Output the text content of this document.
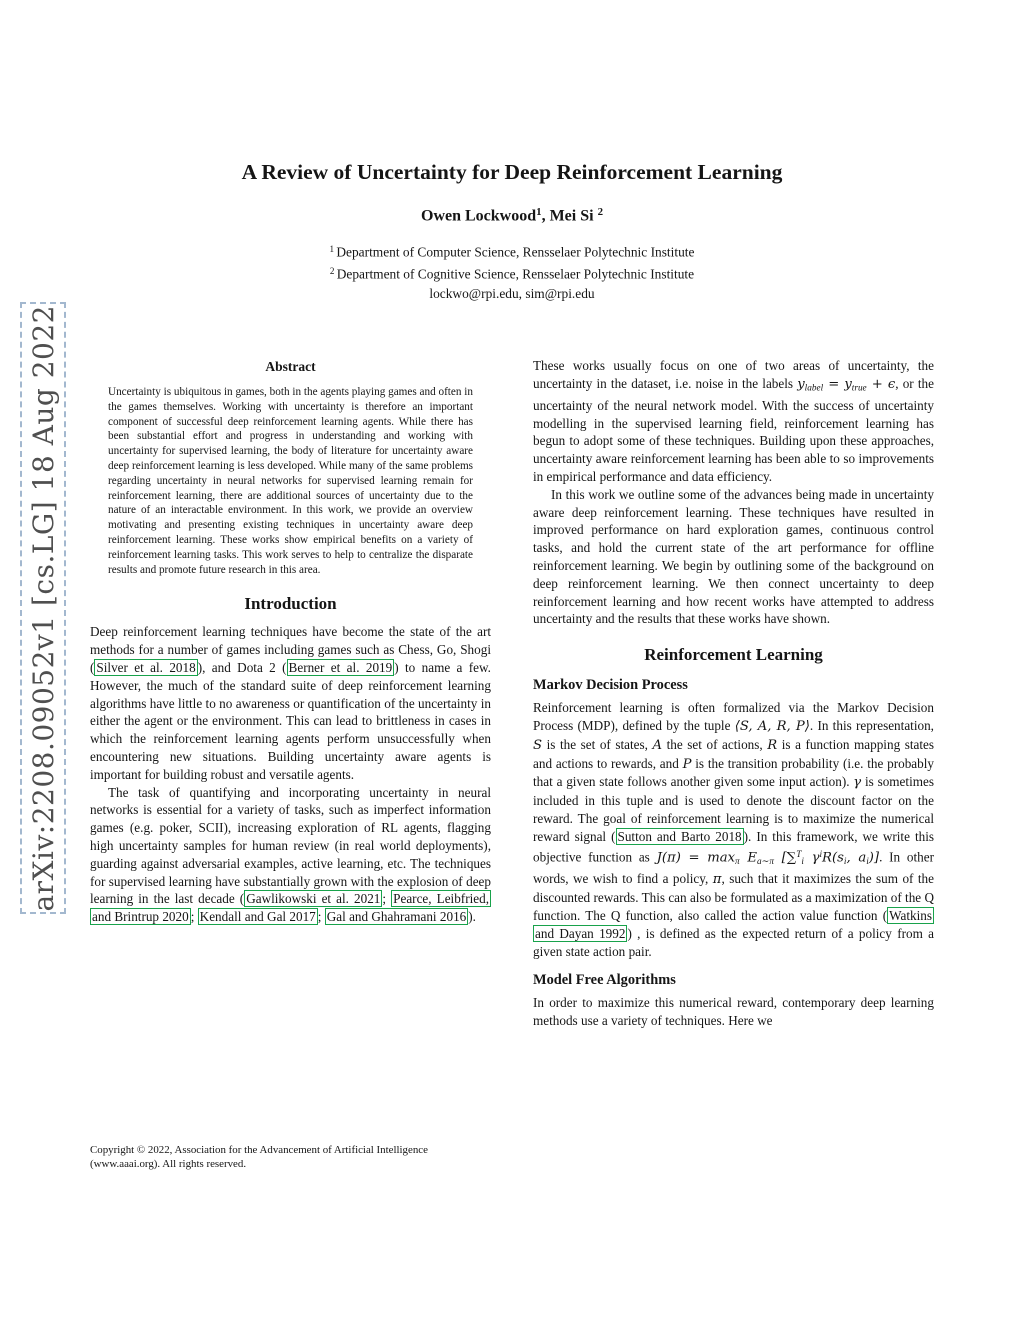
arXiv:2208.09052v1 [cs.LG] 18 Aug 2022
A Review of Uncertainty for Deep Reinforcement Learning
Owen Lockwood$^1$, Mei Si $^2$
$^1$ Department of Computer Science, Rensselaer Polytechnic Institute
$^2$ Department of Cognitive Science, Rensselaer Polytechnic Institute
lockwo@rpi.edu, sim@rpi.edu
Abstract
Uncertainty is ubiquitous in games, both in the agents playing games and often in the games themselves. Working with uncertainty is therefore an important component of successful deep reinforcement learning agents. While there has been substantial effort and progress in understanding and working with uncertainty for supervised learning, the body of literature for uncertainty aware deep reinforcement learning is less developed. While many of the same problems regarding uncertainty in neural networks for supervised learning remain for reinforcement learning, there are additional sources of uncertainty due to the nature of an interactable environment. In this work, we provide an overview motivating and presenting existing techniques in uncertainty aware deep reinforcement learning. These works show empirical benefits on a variety of reinforcement learning tasks. This work serves to help to centralize the disparate results and promote future research in this area.
Introduction

Deep reinforcement learning techniques have become the state of the art methods for a number of games including games such as Chess, Go, Shogi ( Silver et al. 2018 ), and Dota 2 ( Berner et al. 2019 ) to name a few. However, the much of the standard suite of deep reinforcement learning algorithms have little to no awareness or quantification of the uncertainty in either the agent or the environment. This can lead to brittleness in cases in which the reinforcement learning agents perform unsuccessfully when encountering new situations. Building uncertainty aware agents is important for building robust and versatile agents.

The task of quantifying and incorporating uncertainty in neural networks is essential for a variety of tasks, such as imperfect information games (e.g. poker, SCII), increasing exploration of RL agents, flagging high uncertainty samples for human review (in real world deployments), guarding against adversarial examples, active learning, etc. The techniques for supervised learning have substantially grown with the explosion of deep learning in the last decade ( Gawlikowski et al. 2021 ; Pearce, Leibfried, and Brintrup 2020 ; Kendall and Gal 2017 ; Gal and Ghahramani 2016 ).

Copyright © 2022, Association for the Advancement of Artificial Intelligence (www.aaai.org). All rights reserved.

These works usually focus on one of two areas of uncertainty, the uncertainty in the dataset, i.e. noise in the labels ylabel = ytrue + ϵ, or the uncertainty of the neural network model. With the success of uncertainty modelling in the supervised learning field, reinforcement learning has begun to adopt some of these techniques. Building upon these approaches, uncertainty aware reinforcement learning has been able to so improvements in empirical performance and data efficiency.

In this work we outline some of the advances being made in uncertainty aware deep reinforcement learning. These techniques have resulted in improved performance on hard exploration games, continuous control tasks, and hold the current state of the art performance for offline reinforcement learning. We begin by outlining some of the background on deep reinforcement learning. We then connect uncertainty to deep reinforcement learning and how recent works have attempted to address uncertainty and the results that these works have shown.

Reinforcement Learning
Markov Decision Process

Reinforcement learning is often formalized via the Markov Decision Process (MDP), defined by the tuple ⟨S, A, R, P⟩. In this representation, S is the set of states, A the set of actions, R is a function mapping states and actions to rewards, and P is the transition probability (i.e. the probably that a given state follows another given some input action). γ is sometimes included in this tuple and is used to denote the discount factor on the reward. The goal of reinforcement learning is to maximize the numerical reward signal ( Sutton and Barto 2018 ). In this framework, we write this objective function as J(π) = maxπ Ea∼π [∑$^T$i $\gamma^iR(si$, ai)]. In other words, we wish to find a policy, π, such that it maximizes the sum of the discounted rewards. This can also be formulated as a maximization of the Q function. The Q function, also called the action value function ( Watkins and Dayan 1992 ) , is defined as the expected return of a policy from a given state action pair.

Model Free Algorithms

In order to maximize this numerical reward, contemporary deep learning methods use a variety of techniques. Here we
